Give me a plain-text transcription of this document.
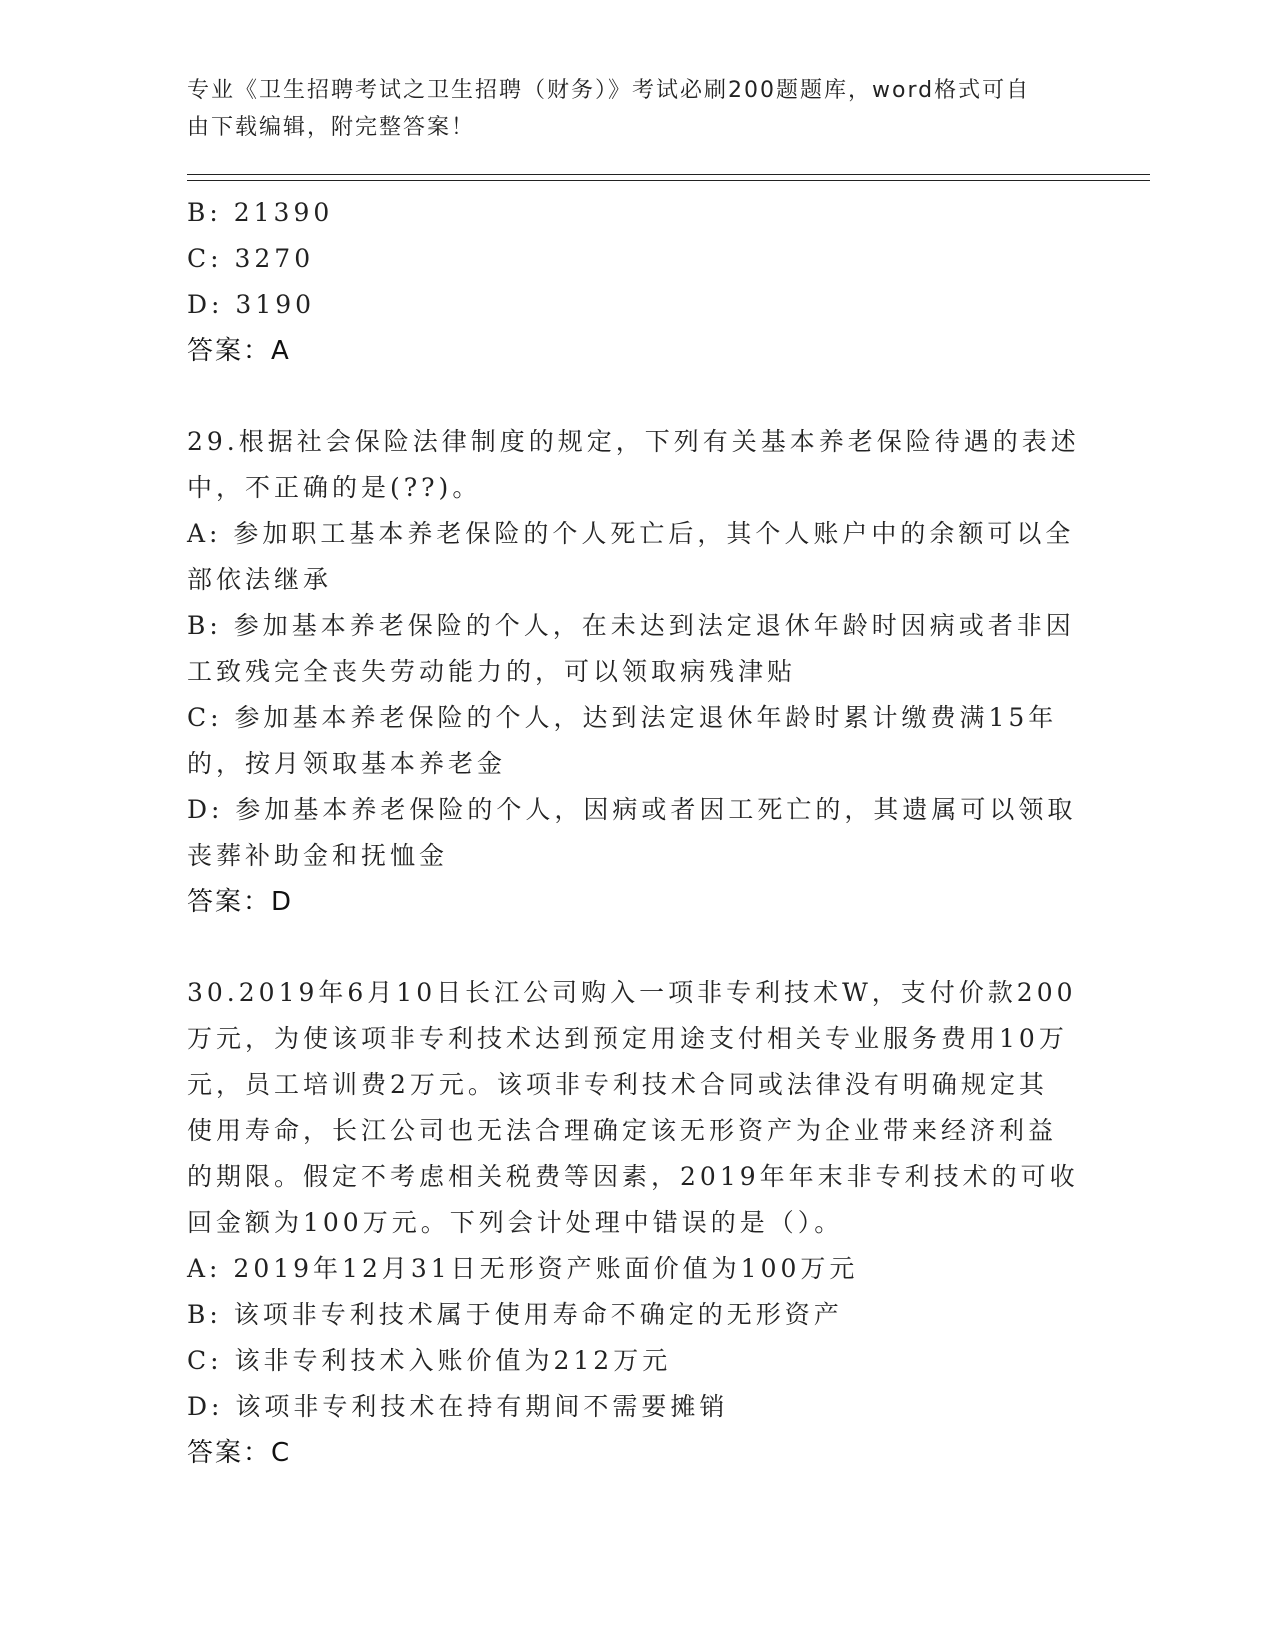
专业《卫生招聘考试之卫生招聘（财务）》考试必刷200题题库，word格式可自
由下载编辑，附完整答案！
B: 21390
C: 3270
D: 3190
答案：A
29.根据社会保险法律制度的规定，下列有关基本养老保险待遇的表述
中，不正确的是(??)。
A: 参加职工基本养老保险的个人死亡后，其个人账户中的余额可以全
部依法继承
B: 参加基本养老保险的个人，在未达到法定退休年龄时因病或者非因
工致残完全丧失劳动能力的，可以领取病残津贴
C: 参加基本养老保险的个人，达到法定退休年龄时累计缴费满15年
的，按月领取基本养老金
D: 参加基本养老保险的个人，因病或者因工死亡的，其遗属可以领取
丧葬补助金和抚恤金
答案：D
30.2019年6月10日长江公司购入一项非专利技术W，支付价款200
万元，为使该项非专利技术达到预定用途支付相关专业服务费用10万
元，员工培训费2万元。该项非专利技术合同或法律没有明确规定其
使用寿命，长江公司也无法合理确定该无形资产为企业带来经济利益
的期限。假定不考虑相关税费等因素，2019年年末非专利技术的可收
回金额为100万元。下列会计处理中错误的是（）。
A: 2019年12月31日无形资产账面价值为100万元
B: 该项非专利技术属于使用寿命不确定的无形资产
C: 该非专利技术入账价值为212万元
D: 该项非专利技术在持有期间不需要摊销
答案：C
